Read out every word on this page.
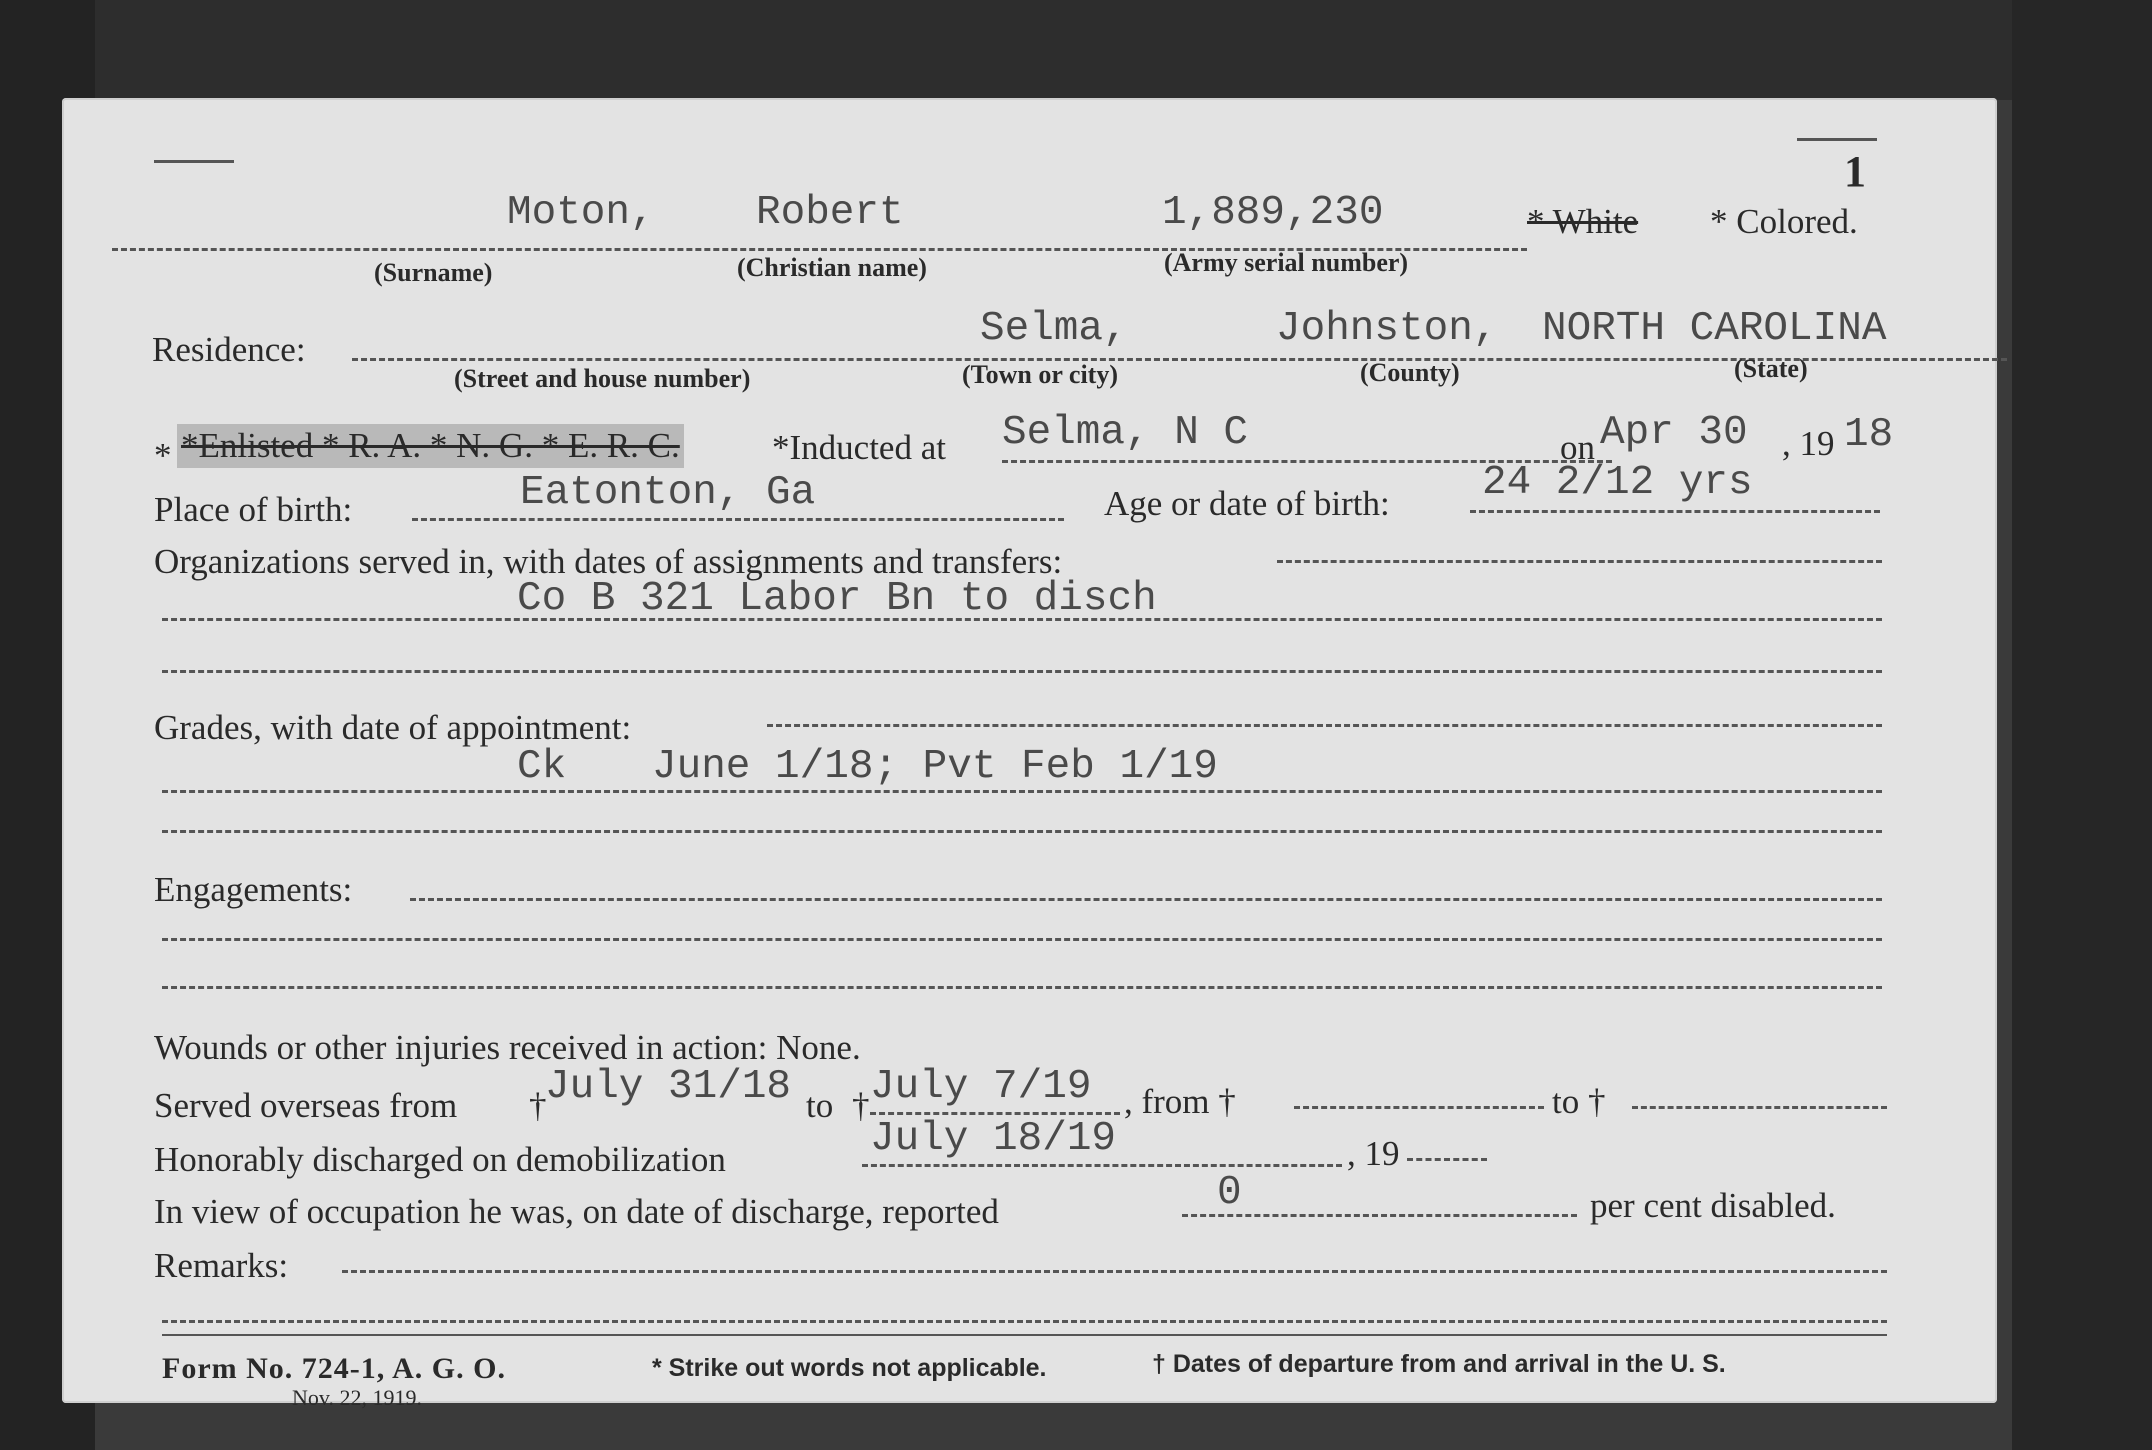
1
Moton, Robert	1,889,230	* White * Colored.
(Surname)	(Christian name)	(Army serial number)
Residence:	Selma,	Johnston, NORTH CAROLINA
(Street and house number)	(Town or city)	(County)	(State)
* *Enlisted * R. A. * N. G. * E. R. C.	*Inducted at Selma, N C	on Apr 30 , 19 18
Place of birth:	Eatonton, Ga	Age or date of birth: 24 2/12 yrs
Organizations served in, with dates of assignments and transfers:
Co B 321 Labor Bn to disch
Grades, with date of appointment:
Ck June 1/18; Pvt Feb 1/19
Engagements:
Wounds or other injuries received in action: None.
Served overseas from †
July 31/18 to † July 7/19 , from †	to †
Honorably discharged on demobilization	July 18/19	, 19
In view of occupation he was, on date of discharge, reported	0	per cent disabled.
Remarks:
Form No. 724-1, A. G. O.
Nov. 22, 1919.
* Strike out words not applicable.	† Dates of departure from and arrival in the U. S.
